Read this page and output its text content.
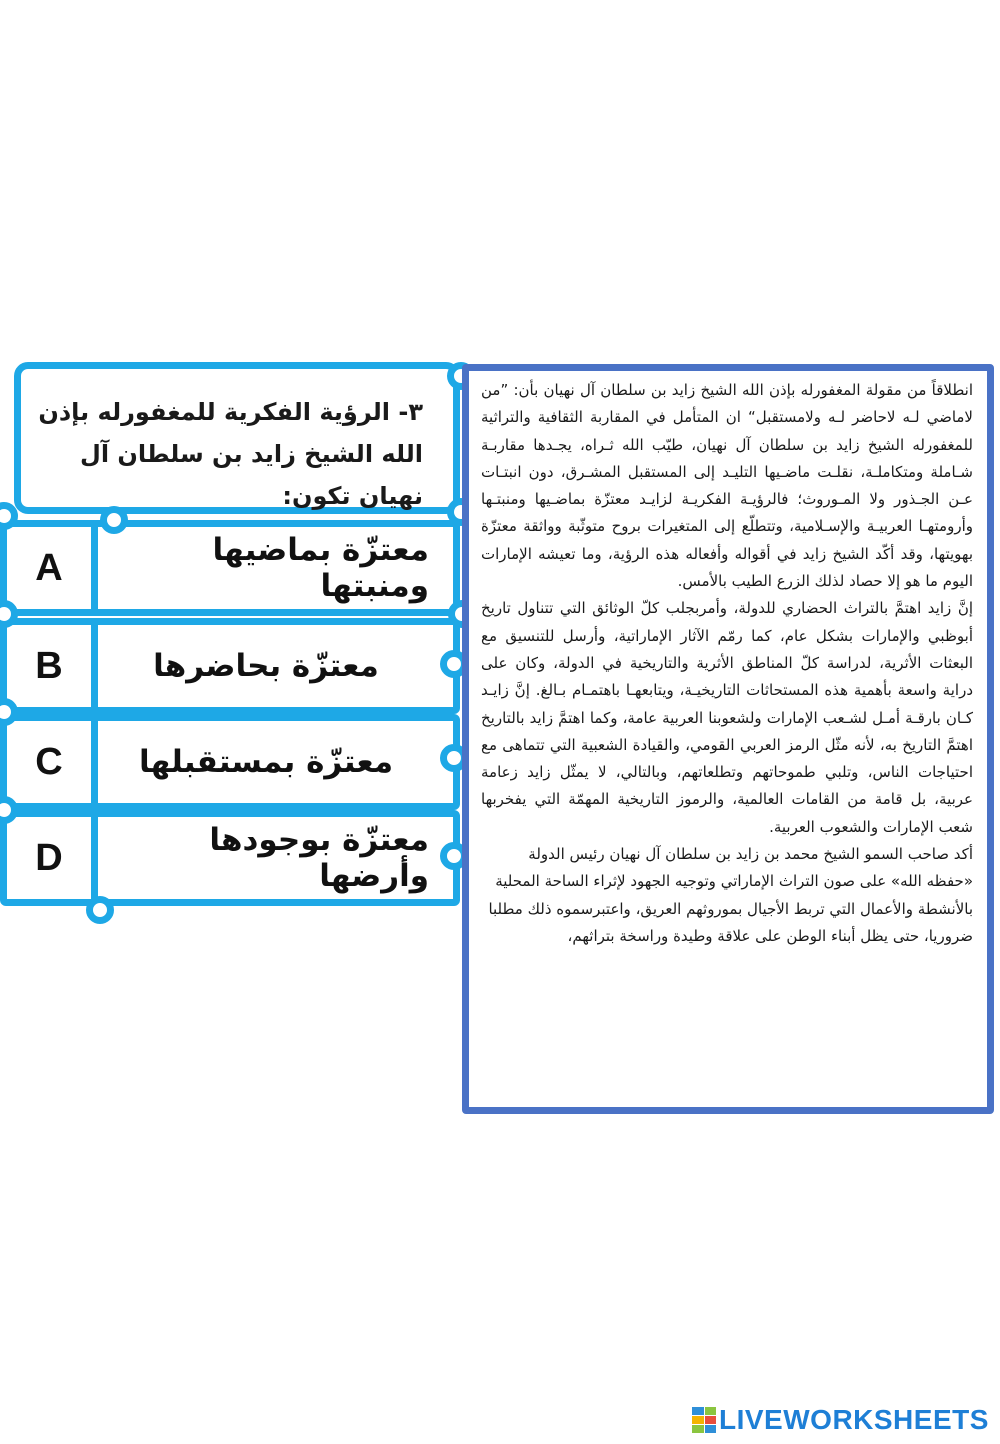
٣- الرؤية الفكرية للمغفورله بإذن الله الشيخ زايد بن سلطان آل نهيان تكون:
A	معتزّة بماضيها ومنبتها
B	معتزّة بحاضرها
C	معتزّة بمستقبلها
D	معتزّة بوجودها وأرضها

انطلاقاً من مقولة المغفورله بإذن الله الشيخ زايد بن سلطان آل نهيان بأن: ”من لاماضي لـه لاحاضر لـه ولامستقبل“ ان المتأمل في المقاربة الثقافية والتراثية للمغفورله الشيخ زايد بن سلطان آل نهيان، طيّب الله ثـراه، يجـدها مقاربـة شـاملة ومتكاملـة، نقلـت ماضـيها التليـد إلى المستقبل المشـرق، دون انبتـات عـن الجـذور ولا المـوروث؛ فالرؤيـة الفكريـة لزايـد معتزّة بماضـيها ومنبتـها وأرومتهـا العربيـة والإسـلامية، وتتطلّع إلى المتغيرات بروح متوثّبة وواثقة معتزّة بهويتها، وقد أكّد الشيخ زايد في أقواله وأفعاله هذه الرؤية، وما تعيشه الإمارات اليوم ما هو إلا حصاد لذلك الزرع الطيب بالأمس.

إنَّ زايد اهتمَّ بالتراث الحضاري للدولة، وأمربجلب كلّ الوثائق التي تتناول تاريخ أبوظبي والإمارات بشكل عام، كما رمّم الآثار الإماراتية، وأرسل للتنسيق مع البعثات الأثرية، لدراسة كلّ المناطق الأثرية والتاريخية في الدولة، وكان على دراية واسعة بأهمية هذه المستحاثات التاريخيـة، ويتابعهـا باهتمـام بـالغ. إنَّ زايـد كـان بارقـة أمـل لشـعب الإمارات ولشعوبنا العربية عامة، وكما اهتمَّ زايد بالتاريخ اهتمَّ التاريخ به، لأنه مثّل الرمز العربي القومي، والقيادة الشعبية التي تتماهى مع احتياجات الناس، وتلبي طموحاتهم وتطلعاتهم، وبالتالي، لا يمثّل زايد زعامة عربية، بل قامة من القامات العالمية، والرموز التاريخية المهمّة التي يفخربها شعب الإمارات والشعوب العربية.

أكد صاحب السمو الشيخ محمد بن زايد بن سلطان آل نهيان رئيس الدولة «حفظه الله» على صون التراث الإماراتي وتوجيه الجهود لإثراء الساحة المحلية بالأنشطة والأعمال التي تربط الأجيال بموروثهم العريق، واعتبرسموه ذلك مطلبا ضروريا، حتى يظل أبناء الوطن على علاقة وطيدة وراسخة بتراثهم،

LIVEWORKSHEETS
